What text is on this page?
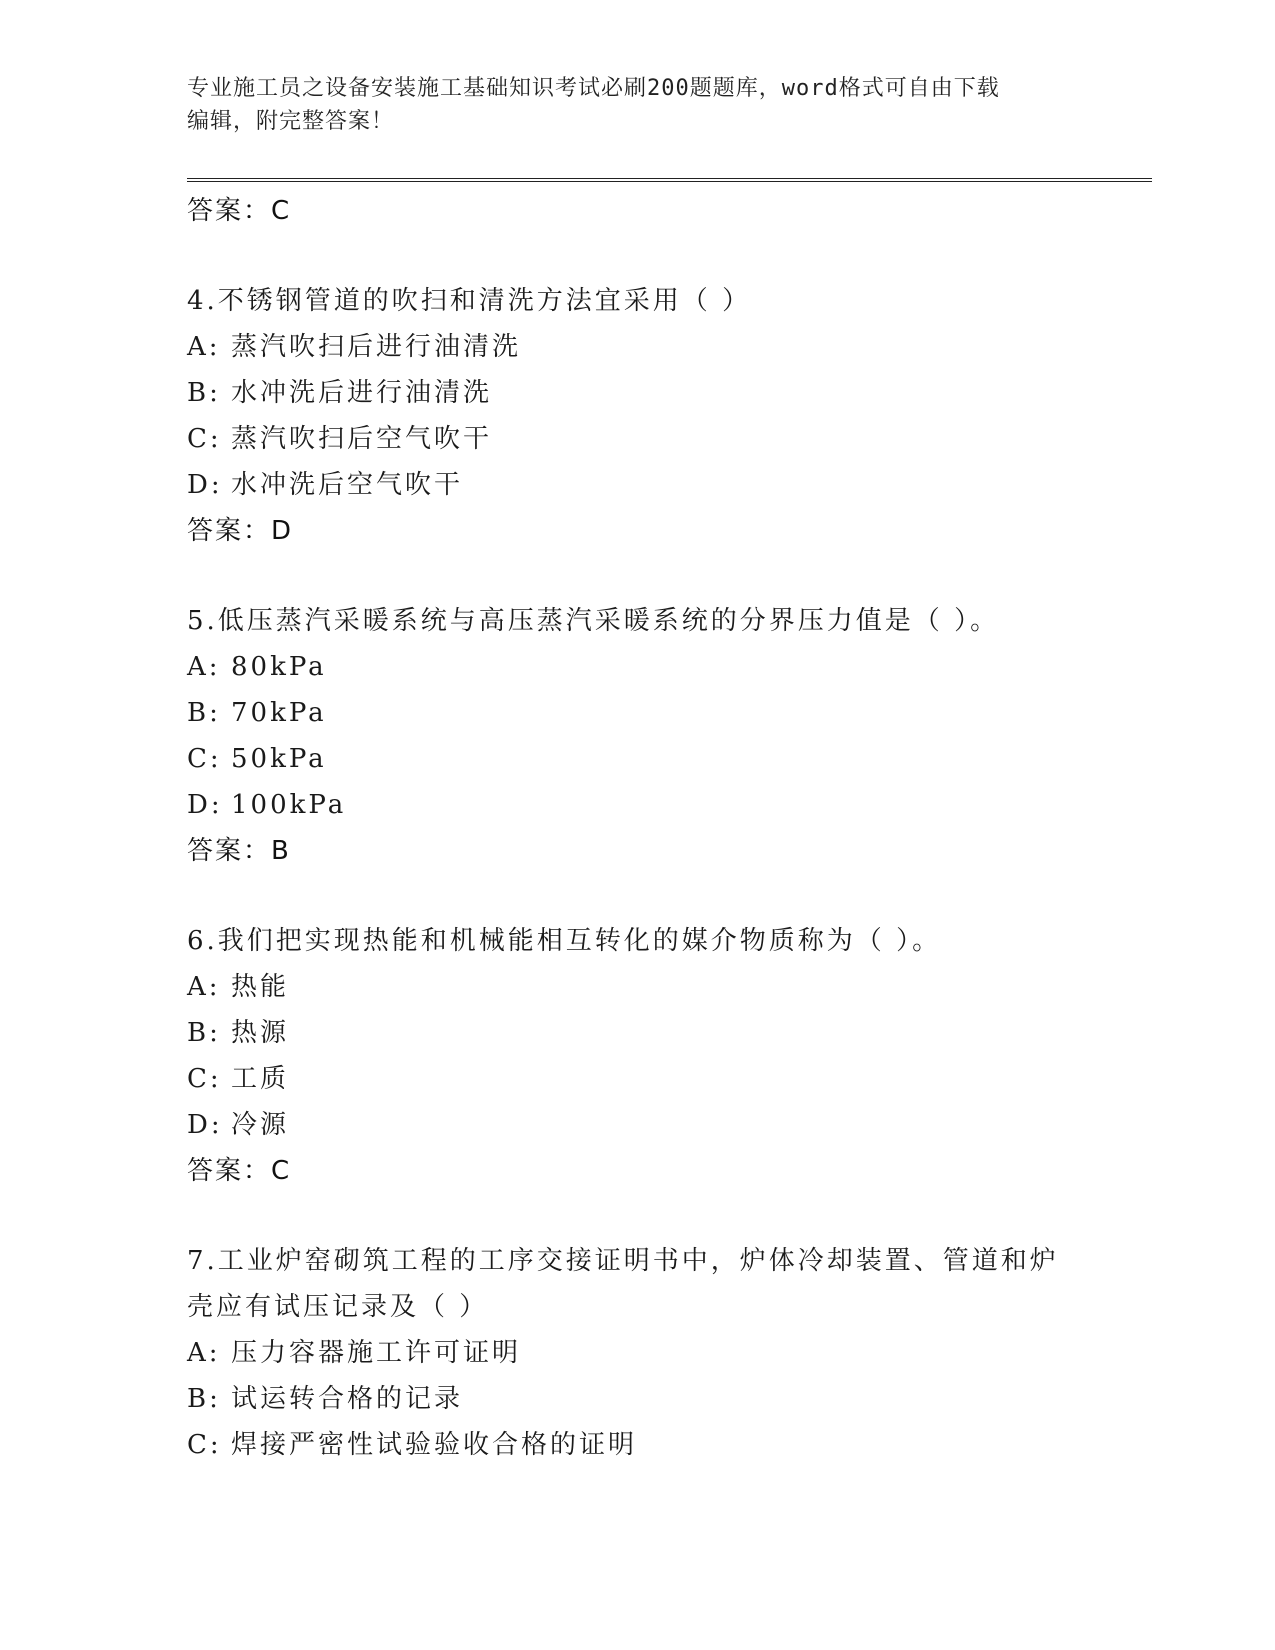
专业施工员之设备安装施工基础知识考试必刷200题题库，word格式可自由下载
编辑，附完整答案！
答案：C
4.不锈钢管道的吹扫和清洗方法宜采用（ ）
A: 蒸汽吹扫后进行油清洗
B: 水冲洗后进行油清洗
C: 蒸汽吹扫后空气吹干
D: 水冲洗后空气吹干
答案：D
5.低压蒸汽采暖系统与高压蒸汽采暖系统的分界压力值是（ ）。
A: 80kPa
B: 70kPa
C: 50kPa
D: 100kPa
答案：B
6.我们把实现热能和机械能相互转化的媒介物质称为（ ）。
A: 热能
B: 热源
C: 工质
D: 冷源
答案：C
7.工业炉窑砌筑工程的工序交接证明书中，炉体冷却装置、管道和炉
壳应有试压记录及（ ）
A: 压力容器施工许可证明
B: 试运转合格的记录
C: 焊接严密性试验验收合格的证明
